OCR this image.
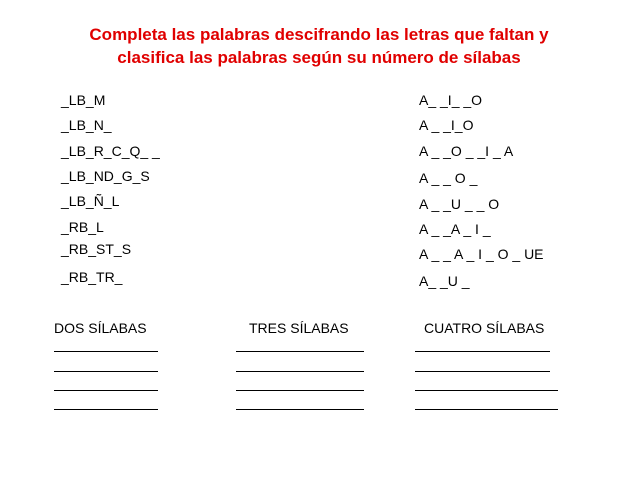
Completa las palabras descifrando las letras que faltan y
clasifica las palabras según su número de sílabas
_LB_M
_LB_N_
_LB_R_C_Q_ _
_LB_ND_G_S
_LB_Ñ_L
_RB_L
_RB_ST_S
_RB_TR_
A_ _I_ _O
A _ _I_O
A _ _O _ _I _ A
A _ _ O _
A _ _U _ _ O
A _ _A _ I _
A _ _ A _ I _ O _ UE
A_ _U _
DOS SÍLABAS	TRES SÍLABAS	CUATRO SÍLABAS
